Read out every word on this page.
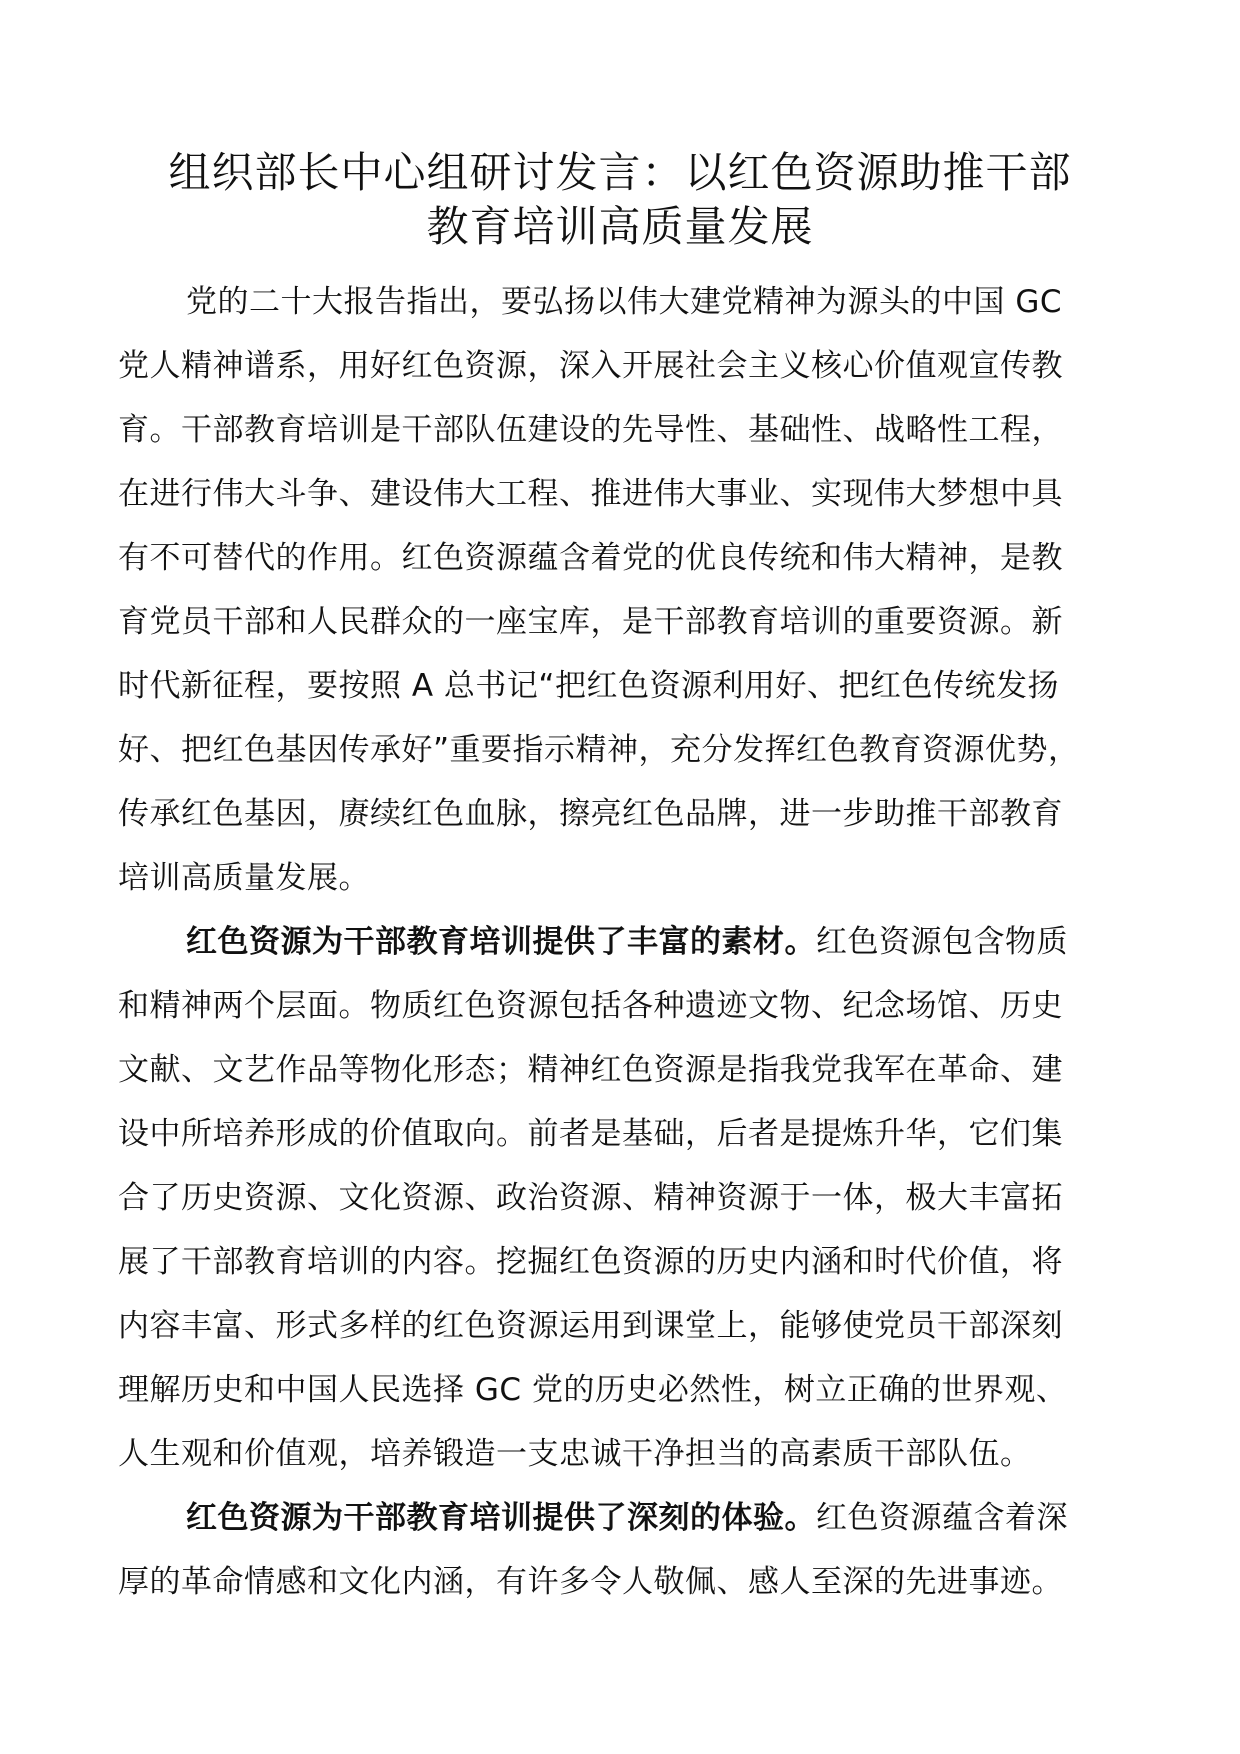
组织部长中心组研讨发言：以红色资源助推干部
教育培训高质量发展

党的二十大报告指出，要弘扬以伟大建党精神为源头的中国 GC
党人精神谱系，用好红色资源，深入开展社会主义核心价值观宣传教
育。干部教育培训是干部队伍建设的先导性、基础性、战略性工程，
在进行伟大斗争、建设伟大工程、推进伟大事业、实现伟大梦想中具
有不可替代的作用。红色资源蕴含着党的优良传统和伟大精神，是教
育党员干部和人民群众的一座宝库，是干部教育培训的重要资源。新
时代新征程，要按照 A 总书记“把红色资源利用好、把红色传统发扬
好、把红色基因传承好”重要指示精神，充分发挥红色教育资源优势，
传承红色基因，赓续红色血脉，擦亮红色品牌，进一步助推干部教育
培训高质量发展。

红色资源为干部教育培训提供了丰富的素材。红色资源包含物质
和精神两个层面。物质红色资源包括各种遗迹文物、纪念场馆、历史
文献、文艺作品等物化形态；精神红色资源是指我党我军在革命、建
设中所培养形成的价值取向。前者是基础，后者是提炼升华，它们集
合了历史资源、文化资源、政治资源、精神资源于一体，极大丰富拓
展了干部教育培训的内容。挖掘红色资源的历史内涵和时代价值，将
内容丰富、形式多样的红色资源运用到课堂上，能够使党员干部深刻
理解历史和中国人民选择 GC 党的历史必然性，树立正确的世界观、
人生观和价值观，培养锻造一支忠诚干净担当的高素质干部队伍。

红色资源为干部教育培训提供了深刻的体验。红色资源蕴含着深
厚的革命情感和文化内涵，有许多令人敬佩、感人至深的先进事迹。
